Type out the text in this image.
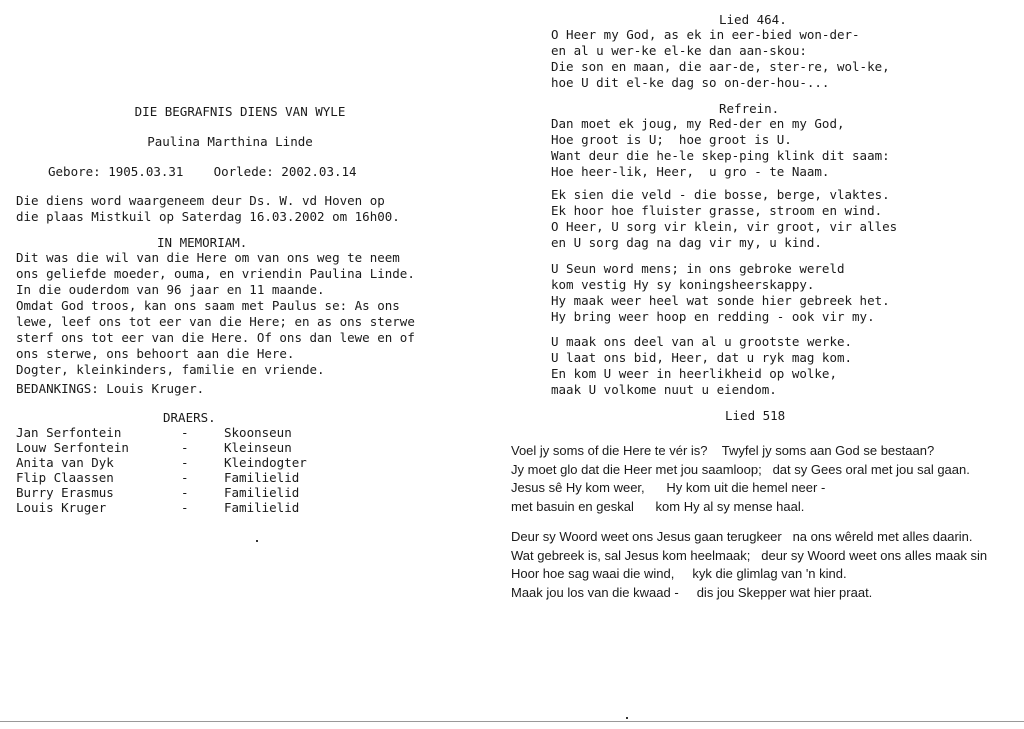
DIE BEGRAFNIS DIENS VAN WYLE
Paulina Marthina Linde
Gebore: 1905.03.31    Oorlede: 2002.03.14
Die diens word waargeneem deur Ds. W. vd Hoven op
die plaas Mistkuil op Saterdag 16.03.2002 om 16h00.
IN MEMORIAM.
Dit was die wil van die Here om van ons weg te neem
ons geliefde moeder, ouma, en vriendin Paulina Linde.
In die ouderdom van 96 jaar en 11 maande.
Omdat God troos, kan ons saam met Paulus se: As ons
lewe, leef ons tot eer van die Here; en as ons sterwe
sterf ons tot eer van die Here. Of ons dan lewe en of
ons sterwe, ons behoort aan die Here.
Dogter, kleinkinders, familie en vriende.
BEDANKINGS: Louis Kruger.
DRAERS.
Jan Serfontein	-	Skoonseun
Louw Serfontein	-	Kleinseun
Anita van Dyk	-	Kleindogter
Flip Claassen	-	Familielid
Burry Erasmus	-	Familielid
Louis Kruger	-	Familielid
Lied 464.
O Heer my God, as ek in eer-bied won-der-
en al u wer-ke el-ke dan aan-skou:
Die son en maan, die aar-de, ster-re, wol-ke,
hoe U dit el-ke dag so on-der-hou-...
Refrein.
Dan moet ek joug, my Red-der en my God,
Hoe groot is U;  hoe groot is U.
Want deur die he-le skep-ping klink dit saam:
Hoe heer-lik, Heer,  u gro - te Naam.
Ek sien die veld - die bosse, berge, vlaktes.
Ek hoor hoe fluister grasse, stroom en wind.
O Heer, U sorg vir klein, vir groot, vir alles
en U sorg dag na dag vir my, u kind.
U Seun word mens; in ons gebroke wereld
kom vestig Hy sy koningsheerskappy.
Hy maak weer heel wat sonde hier gebreek het.
Hy bring weer hoop en redding - ook vir my.
U maak ons deel van al u grootste werke.
U laat ons bid, Heer, dat u ryk mag kom.
En kom U weer in heerlikheid op wolke,
maak U volkome nuut u eiendom.
Lied 518
Voel jy soms of die Here te vér is?    Twyfel jy soms aan God se bestaan?
Jy moet glo dat die Heer met jou saamloop;   dat sy Gees oral met jou sal gaan.
Jesus sê Hy kom weer,      Hy kom uit die hemel neer -
met basuin en geskal      kom Hy al sy mense haal.
Deur sy Woord weet ons Jesus gaan terugkeer   na ons wêreld met alles daarin.
Wat gebreek is, sal Jesus kom heelmaak;   deur sy Woord weet ons alles maak sin
Hoor hoe sag waai die wind,     kyk die glimlag van 'n kind.
Maak jou los van die kwaad -     dis jou Skepper wat hier praat.
